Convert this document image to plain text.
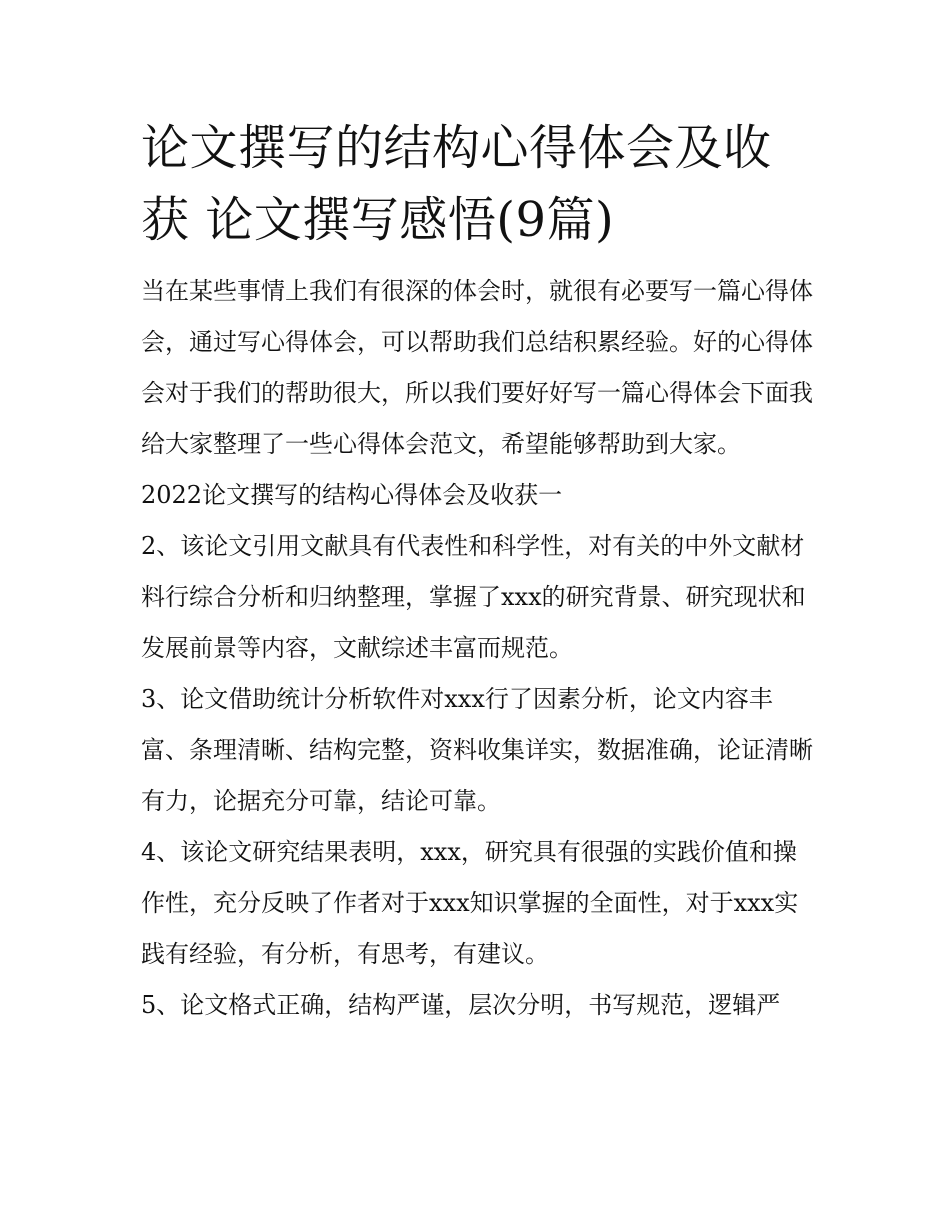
论文撰写的结构心得体会及收获 论文撰写感悟(9篇)

当在某些事情上我们有很深的体会时，就很有必要写一篇心得体会，通过写心得体会，可以帮助我们总结积累经验。好的心得体会对于我们的帮助很大，所以我们要好好写一篇心得体会下面我给大家整理了一些心得体会范文，希望能够帮助到大家。

2022论文撰写的结构心得体会及收获一

2、该论文引用文献具有代表性和科学性，对有关的中外文献材料行综合分析和归纳整理，掌握了xxx的研究背景、研究现状和发展前景等内容，文献综述丰富而规范。

3、论文借助统计分析软件对xxx行了因素分析，论文内容丰富、条理清晰、结构完整，资料收集详实，数据准确，论证清晰有力，论据充分可靠，结论可靠。

4、该论文研究结果表明，xxx，研究具有很强的实践价值和操作性，充分反映了作者对于xxx知识掌握的全面性，对于xxx实践有经验，有分析，有思考，有建议。

5、论文格式正确，结构严谨，层次分明，书写规范，逻辑严
